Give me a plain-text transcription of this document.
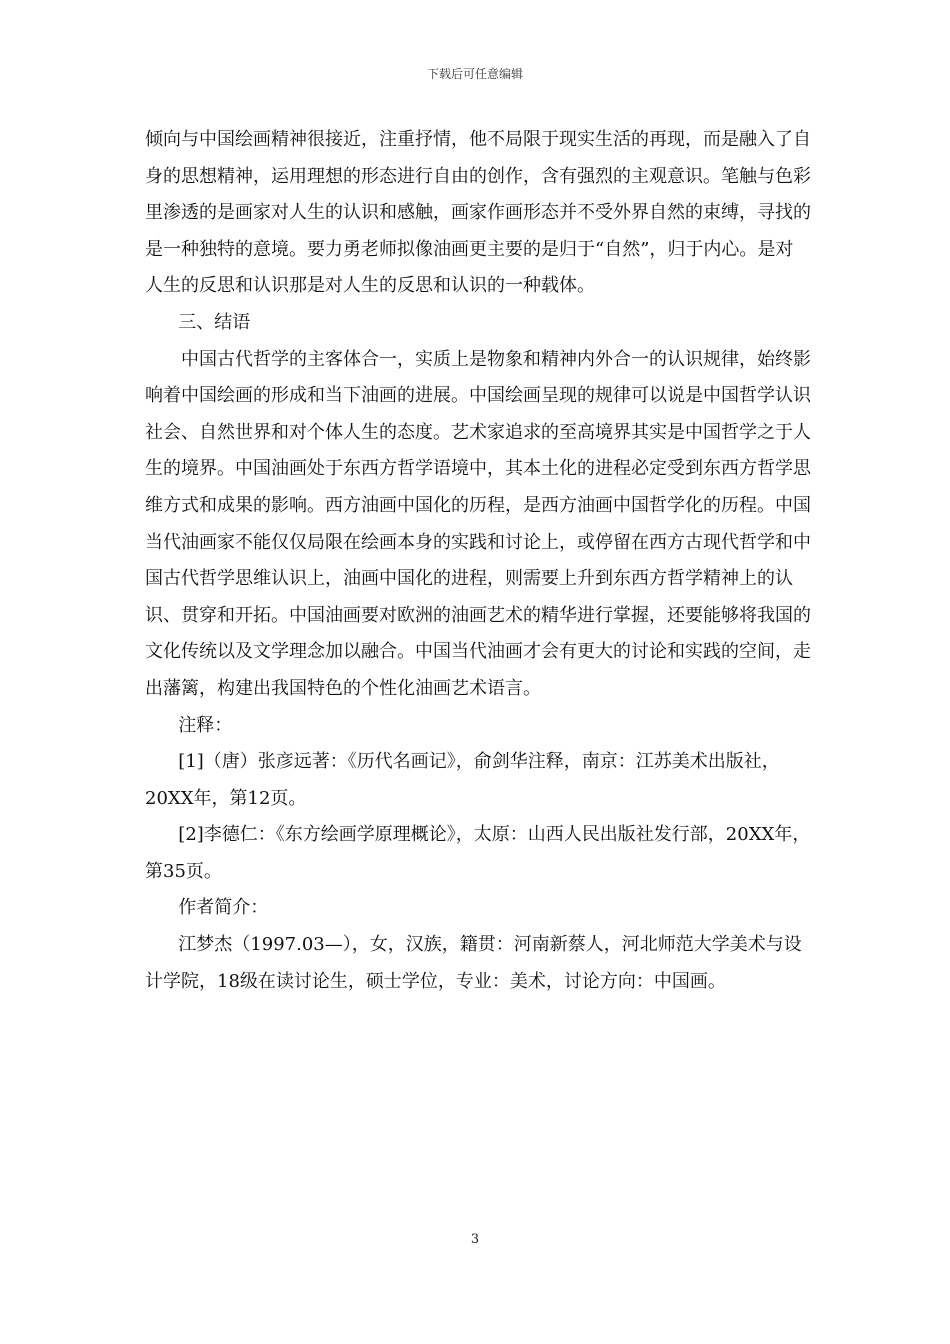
下载后可任意编辑

倾向与中国绘画精神很接近，注重抒情，他不局限于现实生活的再现，而是融入了自身的思想精神，运用理想的形态进行自由的创作，含有强烈的主观意识。笔触与色彩里渗透的是画家对人生的认识和感触，画家作画形态并不受外界自然的束缚，寻找的是一种独特的意境。要力勇老师拟像油画更主要的是归于“自然”，归于内心。是对人生的反思和认识那是对人生的反思和认识的一种载体。

三、结语

中国古代哲学的主客体合一，实质上是物象和精神内外合一的认识规律，始终影响着中国绘画的形成和当下油画的进展。中国绘画呈现的规律可以说是中国哲学认识社会、自然世界和对个体人生的态度。艺术家追求的至高境界其实是中国哲学之于人生的境界。中国油画处于东西方哲学语境中，其本土化的进程必定受到东西方哲学思维方式和成果的影响。西方油画中国化的历程，是西方油画中国哲学化的历程。中国当代油画家不能仅仅局限在绘画本身的实践和讨论上，或停留在西方古现代哲学和中国古代哲学思维认识上，油画中国化的进程，则需要上升到东西方哲学精神上的认识、贯穿和开拓。中国油画要对欧洲的油画艺术的精华进行掌握，还要能够将我国的文化传统以及文学理念加以融合。中国当代油画才会有更大的讨论和实践的空间，走出藩篱，构建出我国特色的个性化油画艺术语言。

注释：

[1]（唐）张彦远著：《历代名画记》，俞剑华注释，南京：江苏美术出版社，20XX年，第12页。

[2]李德仁：《东方绘画学原理概论》，太原：山西人民出版社发行部，20XX年，第35页。

作者简介：

江梦杰（1997.03—），女，汉族，籍贯：河南新蔡人，河北师范大学美术与设计学院，18级在读讨论生，硕士学位，专业：美术，讨论方向：中国画。

3
